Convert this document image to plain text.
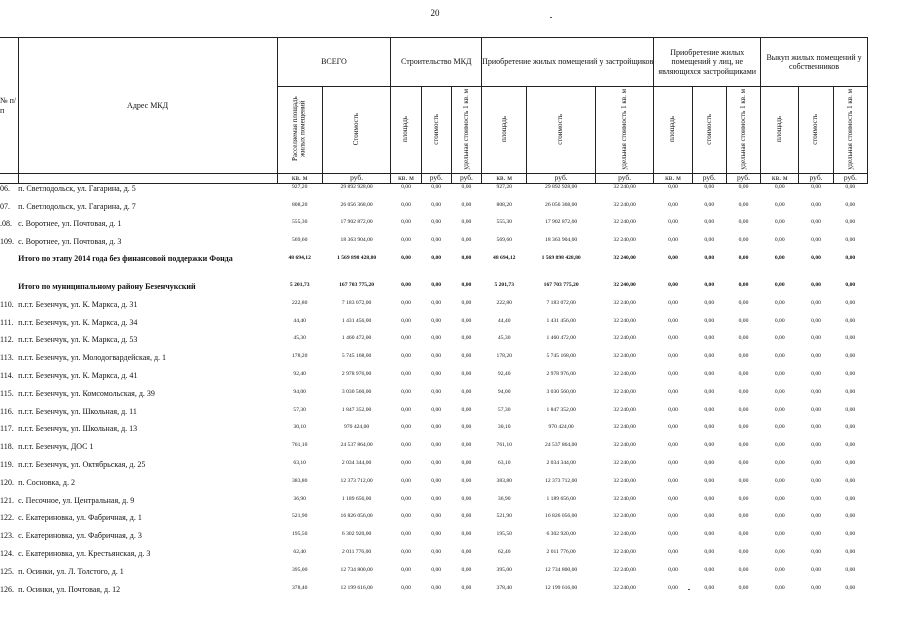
20
№ п/п	Адрес МКД	ВСЕГО		Строительство МКД			Приобретение жилых помещений у застройщиков			Приобретение жилых помещений у лиц, не являющихся застройщиками			Выкуп жилых помещений у собственников		
		Расселяемая площадь жилых помещений	Стоимость	площадь	стоимость	удельная стоимость 1 кв. м	площадь	стоимость	удельная стоимость 1 кв. м	площадь	стоимость	удельная стоимость 1 кв. м	площадь	стоимость	удельная стоимость 1 кв. м
		кв. м	руб.	кв. м	руб.	руб.	кв. м	руб.	руб.	кв. м	руб.	руб.	кв. м	руб.	руб.
06.	п. Светлодольск, ул. Гагарина, д. 5	927,20	29 892 928,00	0,00	0,00	0,00	927,20	29 892 928,00	32 240,00	0,00	0,00	0,00	0,00	0,00	0,00
07.	п. Светлодольск, ул. Гагарина, д. 7	808,20	26 056 368,00	0,00	0,00	0,00	808,20	26 056 368,00	32 240,00	0,00	0,00	0,00	0,00	0,00	0,00
.08.	с. Воротнее, ул. Почтовая, д. 1	555,30	17 902 872,00	0,00	0,00	0,00	555,30	17 902 872,00	32 240,00	0,00	0,00	0,00	0,00	0,00	0,00
109.	с. Воротнее, ул. Почтовая, д. 3	569,60	18 363 904,00	0,00	0,00	0,00	569,60	18 363 904,00	32 240,00	0,00	0,00	0,00	0,00	0,00	0,00
	Итого по этапу 2014 года без финансовой поддержки Фонда	48 694,12	1 569 898 428,80	0,00	0,00	0,00	48 694,12	1 569 898 428,80	32 240,00	0,00	0,00	0,00	0,00	0,00	0,00
	Итого по муниципальному району Безенчукский	5 201,73	167 703 775,20	0,00	0,00	0,00	5 201,73	167 703 775,20	32 240,00	0,00	0,00	0,00	0,00	0,00	0,00
110.	п.г.т. Безенчук, ул. К. Маркса, д. 31	222,80	7 183 072,00	0,00	0,00	0,00	222,80	7 183 072,00	32 240,00	0,00	0,00	0,00	0,00	0,00	0,00
111.	п.г.т. Безенчук, ул. К. Маркса, д. 34	44,40	1 431 456,00	0,00	0,00	0,00	44,40	1 431 456,00	32 240,00	0,00	0,00	0,00	0,00	0,00	0,00
112.	п.г.т. Безенчук, ул. К. Маркса, д. 53	45,30	1 460 472,00	0,00	0,00	0,00	45,30	1 460 472,00	32 240,00	0,00	0,00	0,00	0,00	0,00	0,00
113.	п.г.т. Безенчук, ул. Молодогвардейская, д. 1	178,20	5 745 168,00	0,00	0,00	0,00	178,20	5 745 168,00	32 240,00	0,00	0,00	0,00	0,00	0,00	0,00
114.	п.г.т. Безенчук, ул. К. Маркса, д. 41	92,40	2 978 976,00	0,00	0,00	0,00	92,40	2 978 976,00	32 240,00	0,00	0,00	0,00	0,00	0,00	0,00
115.	п.г.т. Безенчук, ул. Комсомольская, д. 39	94,00	3 030 560,00	0,00	0,00	0,00	94,00	3 030 560,00	32 240,00	0,00	0,00	0,00	0,00	0,00	0,00
116.	п.г.т. Безенчук, ул. Школьная, д. 11	57,30	1 847 352,00	0,00	0,00	0,00	57,30	1 847 352,00	32 240,00	0,00	0,00	0,00	0,00	0,00	0,00
117.	п.г.т. Безенчук, ул. Школьная, д. 13	30,10	970 424,00	0,00	0,00	0,00	30,10	970 424,00	32 240,00	0,00	0,00	0,00	0,00	0,00	0,00
118.	п.г.т. Безенчук, ДОС 1	761,10	24 537 864,00	0,00	0,00	0,00	761,10	24 537 864,00	32 240,00	0,00	0,00	0,00	0,00	0,00	0,00
119.	п.г.т. Безенчук, ул. Октябрьская, д. 25	63,10	2 034 344,00	0,00	0,00	0,00	63,10	2 034 344,00	32 240,00	0,00	0,00	0,00	0,00	0,00	0,00
120.	п. Сосновка, д. 2	383,80	12 373 712,00	0,00	0,00	0,00	383,80	12 373 712,00	32 240,00	0,00	0,00	0,00	0,00	0,00	0,00
121.	с. Песочное, ул. Центральная, д. 9	36,90	1 189 656,00	0,00	0,00	0,00	36,90	1 189 656,00	32 240,00	0,00	0,00	0,00	0,00	0,00	0,00
122.	с. Екатериновка, ул. Фабричная, д. 1	521,90	16 826 056,00	0,00	0,00	0,00	521,90	16 826 056,00	32 240,00	0,00	0,00	0,00	0,00	0,00	0,00
123.	с. Екатериновка, ул. Фабричная, д. 3	195,50	6 302 920,00	0,00	0,00	0,00	195,50	6 302 920,00	32 240,00	0,00	0,00	0,00	0,00	0,00	0,00
124.	с. Екатериновка, ул. Крестьянская, д. 3	62,40	2 011 776,00	0,00	0,00	0,00	62,40	2 011 776,00	32 240,00	0,00	0,00	0,00	0,00	0,00	0,00
125.	п. Осинки, ул. Л. Толстого, д. 1	395,00	12 734 800,00	0,00	0,00	0,00	395,00	12 734 800,00	32 240,00	0,00	0,00	0,00	0,00	0,00	0,00
126.	п. Осинки, ул. Почтовая, д. 12	378,40	12 199 616,00	0,00	0,00	0,00	378,40	12 199 616,00	32 240,00	0,00	0,00	0,00	0,00	0,00	0,00
